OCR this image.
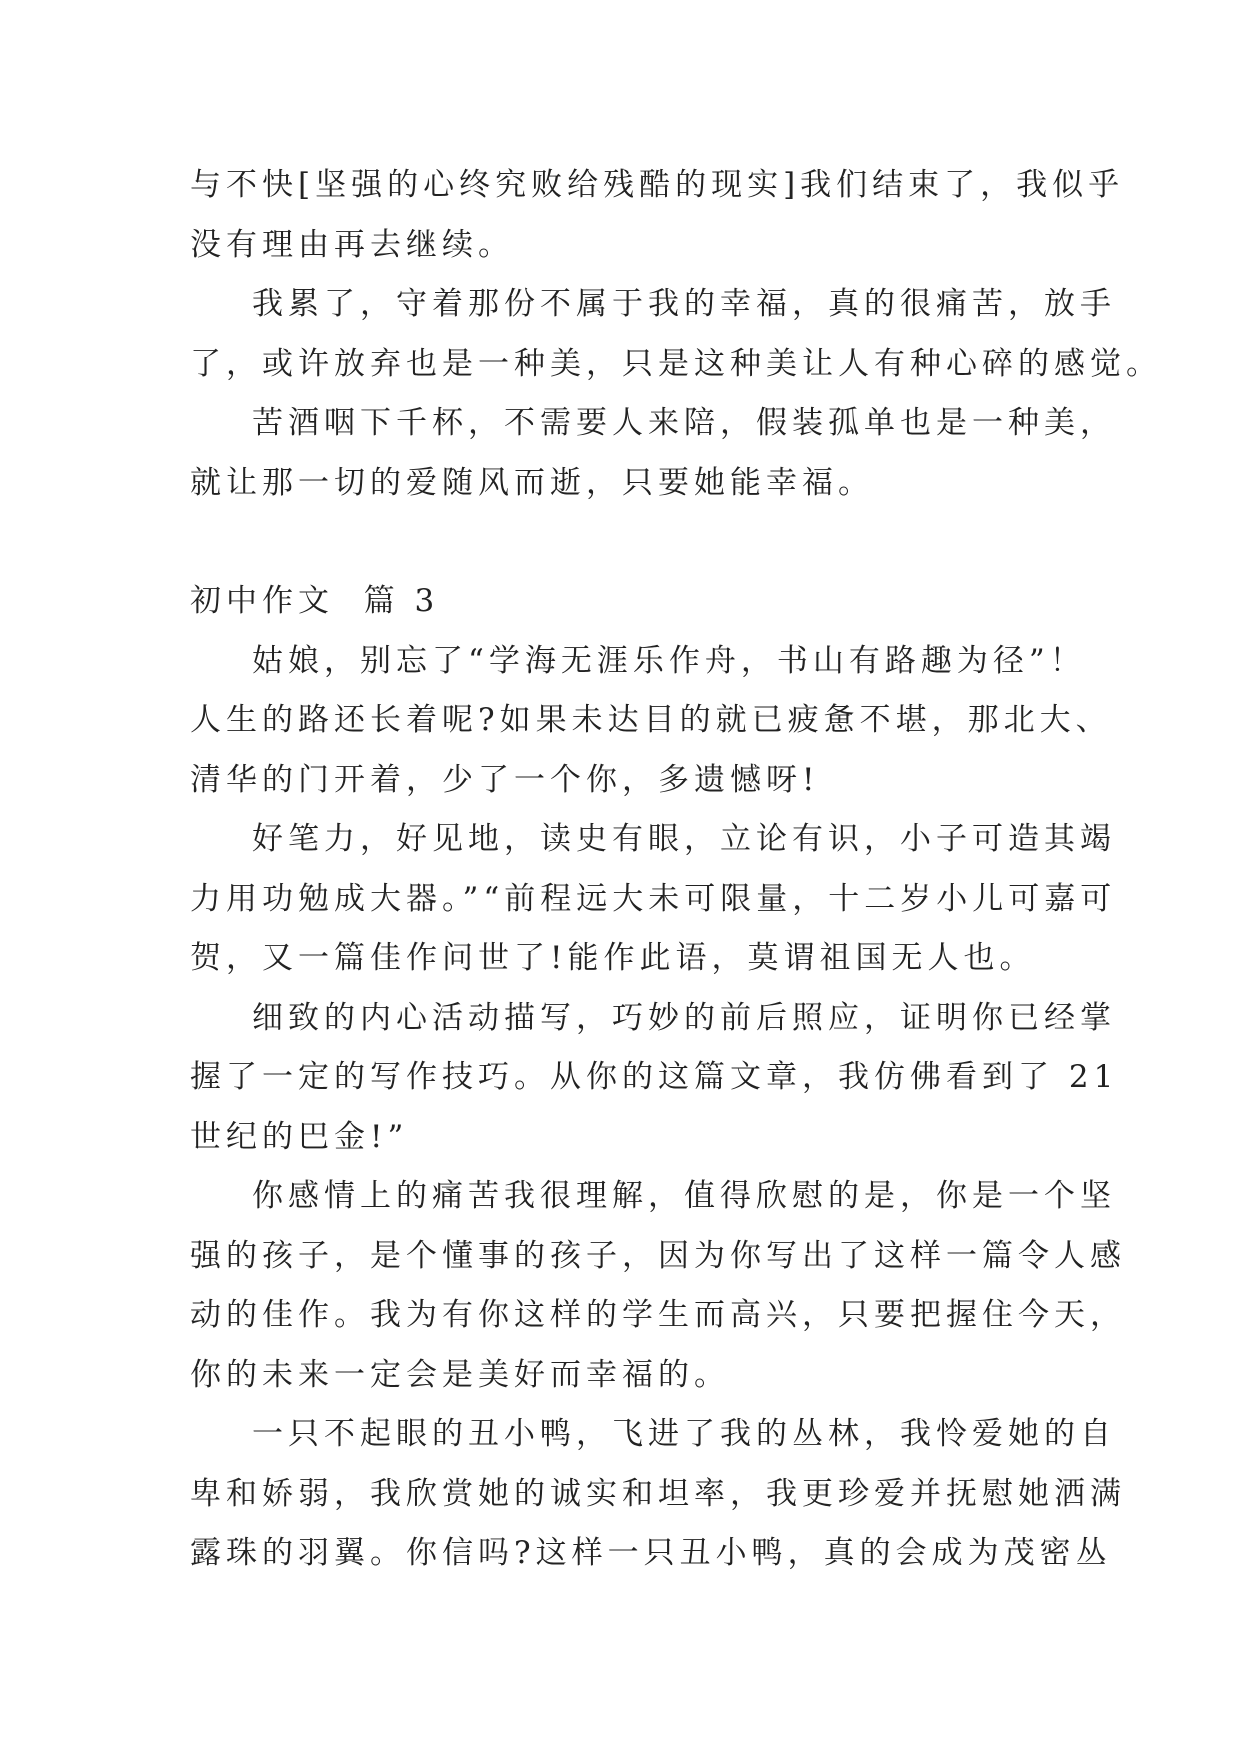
与不快[坚强的心终究败给残酷的现实]我们结束了，我似乎
没有理由再去继续。
我累了，守着那份不属于我的幸福，真的很痛苦，放手
了，或许放弃也是一种美，只是这种美让人有种心碎的感觉。
苦酒咽下千杯，不需要人来陪，假装孤单也是一种美，
就让那一切的爱随风而逝，只要她能幸福。
初中作文  篇 3
姑娘，别忘了“学海无涯乐作舟，书山有路趣为径”！
人生的路还长着呢?如果未达目的就已疲惫不堪，那北大、
清华的门开着，少了一个你，多遗憾呀!
好笔力，好见地，读史有眼，立论有识，小子可造其竭
力用功勉成大器。”“前程远大未可限量，十二岁小儿可嘉可
贺，又一篇佳作问世了!能作此语，莫谓祖国无人也。
细致的内心活动描写，巧妙的前后照应，证明你已经掌
握了一定的写作技巧。从你的这篇文章，我仿佛看到了 21
世纪的巴金!”
你感情上的痛苦我很理解，值得欣慰的是，你是一个坚
强的孩子，是个懂事的孩子，因为你写出了这样一篇令人感
动的佳作。我为有你这样的学生而高兴，只要把握住今天，
你的未来一定会是美好而幸福的。
一只不起眼的丑小鸭，飞进了我的丛林，我怜爱她的自
卑和娇弱，我欣赏她的诚实和坦率，我更珍爱并抚慰她洒满
露珠的羽翼。你信吗?这样一只丑小鸭，真的会成为茂密丛
